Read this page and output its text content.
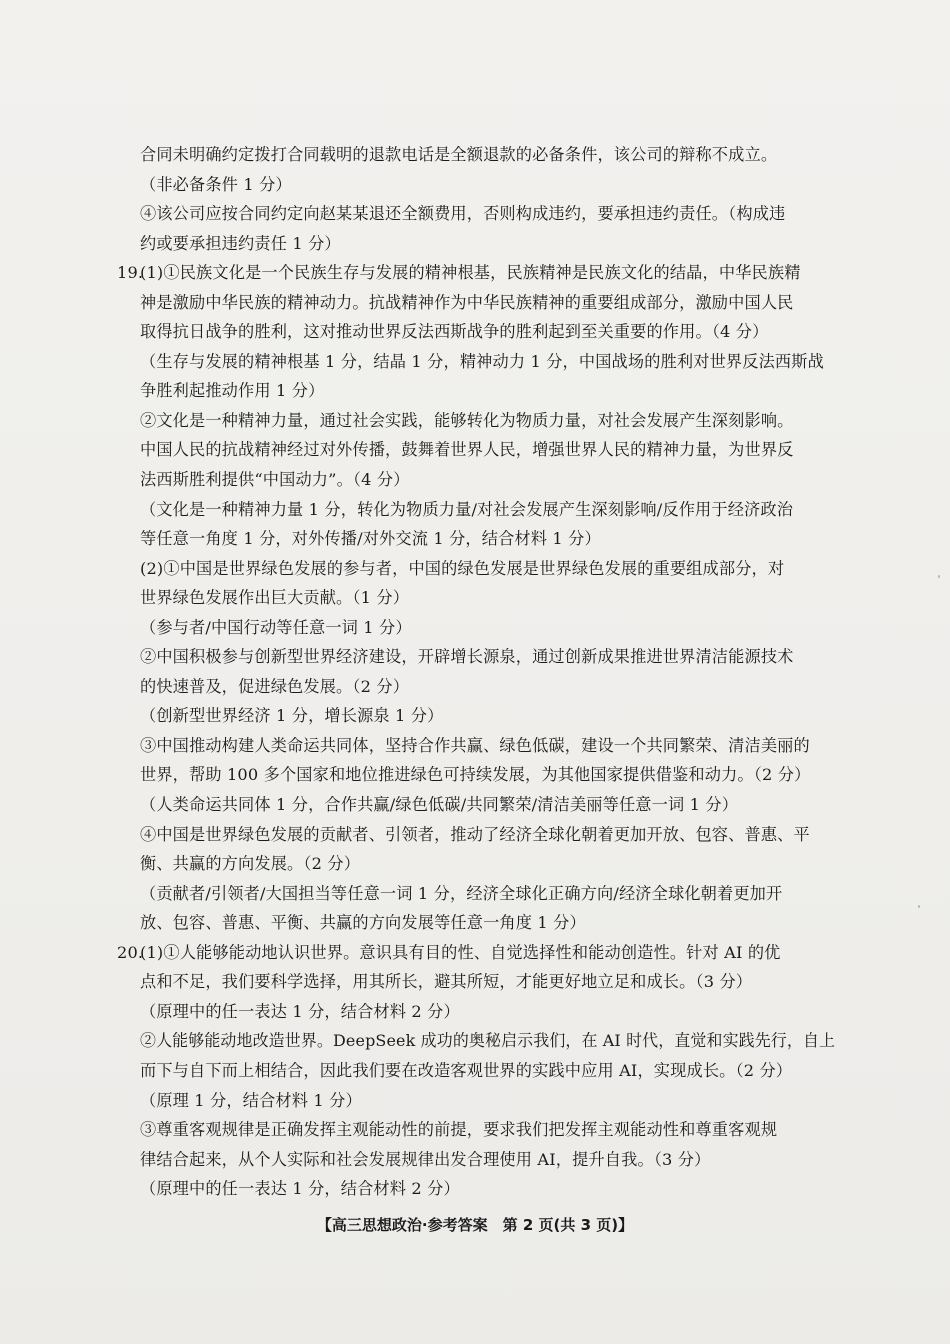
合同未明确约定拨打合同载明的退款电话是全额退款的必备条件，该公司的辩称不成立。
（非必备条件 1 分）
④该公司应按合同约定向赵某某退还全额费用，否则构成违约，要承担违约责任。（构成违
约或要承担违约责任 1 分）
19.
(1)①民族文化是一个民族生存与发展的精神根基，民族精神是民族文化的结晶，中华民族精
神是激励中华民族的精神动力。抗战精神作为中华民族精神的重要组成部分，激励中国人民
取得抗日战争的胜利，这对推动世界反法西斯战争的胜利起到至关重要的作用。（4 分）
（生存与发展的精神根基 1 分，结晶 1 分，精神动力 1 分，中国战场的胜利对世界反法西斯战
争胜利起推动作用 1 分）
②文化是一种精神力量，通过社会实践，能够转化为物质力量，对社会发展产生深刻影响。
中国人民的抗战精神经过对外传播，鼓舞着世界人民，增强世界人民的精神力量，为世界反
法西斯胜利提供“中国动力”。（4 分）
（文化是一种精神力量 1 分，转化为物质力量/对社会发展产生深刻影响/反作用于经济政治
等任意一角度 1 分，对外传播/对外交流 1 分，结合材料 1 分）
(2)①中国是世界绿色发展的参与者，中国的绿色发展是世界绿色发展的重要组成部分，对
世界绿色发展作出巨大贡献。（1 分）
（参与者/中国行动等任意一词 1 分）
②中国积极参与创新型世界经济建设，开辟增长源泉，通过创新成果推进世界清洁能源技术
的快速普及，促进绿色发展。（2 分）
（创新型世界经济 1 分，增长源泉 1 分）
③中国推动构建人类命运共同体，坚持合作共赢、绿色低碳，建设一个共同繁荣、清洁美丽的
世界，帮助 100 多个国家和地位推进绿色可持续发展，为其他国家提供借鉴和动力。（2 分）
（人类命运共同体 1 分，合作共赢/绿色低碳/共同繁荣/清洁美丽等任意一词 1 分）
④中国是世界绿色发展的贡献者、引领者，推动了经济全球化朝着更加开放、包容、普惠、平
衡、共赢的方向发展。（2 分）
（贡献者/引领者/大国担当等任意一词 1 分，经济全球化正确方向/经济全球化朝着更加开
放、包容、普惠、平衡、共赢的方向发展等任意一角度 1 分）
20.
(1)①人能够能动地认识世界。意识具有目的性、自觉选择性和能动创造性。针对 AI 的优
点和不足，我们要科学选择，用其所长，避其所短，才能更好地立足和成长。（3 分）
（原理中的任一表达 1 分，结合材料 2 分）
②人能够能动地改造世界。DeepSeek 成功的奥秘启示我们，在 AI 时代，直觉和实践先行，自上
而下与自下而上相结合，因此我们要在改造客观世界的实践中应用 AI，实现成长。（2 分）
（原理 1 分，结合材料 1 分）
③尊重客观规律是正确发挥主观能动性的前提，要求我们把发挥主观能动性和尊重客观规
律结合起来，从个人实际和社会发展规律出发合理使用 AI，提升自我。（3 分）
（原理中的任一表达 1 分，结合材料 2 分）
【高三思想政治·参考答案　第 2 页(共 3 页)】
